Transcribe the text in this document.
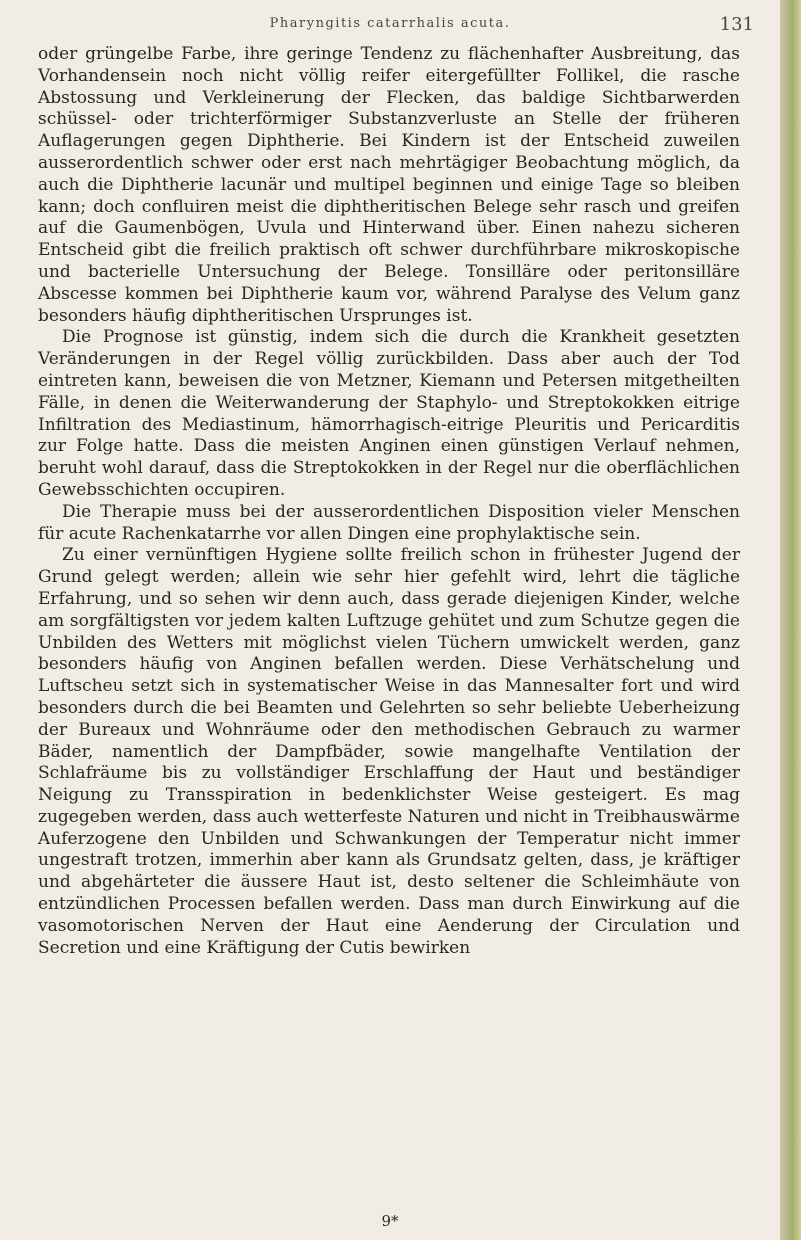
Pharyngitis catarrhalis acuta.	131

oder grüngelbe Farbe, ihre geringe Tendenz zu flächenhafter Ausbreitung, das Vorhandensein noch nicht völlig reifer eitergefüllter Follikel, die rasche Abstossung und Verkleinerung der Flecken, das baldige Sichtbarwerden schüssel- oder trichterförmiger Substanzverluste an Stelle der früheren Auflagerungen gegen Diphtherie. Bei Kindern ist der Entscheid zuweilen ausserordentlich schwer oder erst nach mehrtägiger Beobachtung möglich, da auch die Diphtherie lacunär und multipel beginnen und einige Tage so bleiben kann; doch confluiren meist die diphtheritischen Belege sehr rasch und greifen auf die Gaumenbögen, Uvula und Hinterwand über. Einen nahezu sicheren Entscheid gibt die freilich praktisch oft schwer durchführbare mikroskopische und bacterielle Untersuchung der Belege. Tonsilläre oder peritonsilläre Abscesse kommen bei Diphtherie kaum vor, während Paralyse des Velum ganz besonders häufig diphtheritischen Ursprunges ist.

Die Prognose ist günstig, indem sich die durch die Krankheit gesetzten Veränderungen in der Regel völlig zurückbilden. Dass aber auch der Tod eintreten kann, beweisen die von Metzner, Kiemann und Petersen mitgetheilten Fälle, in denen die Weiterwanderung der Staphylo- und Streptokokken eitrige Infiltration des Mediastinum, hämorrhagisch-eitrige Pleuritis und Pericarditis zur Folge hatte. Dass die meisten Anginen einen günstigen Verlauf nehmen, beruht wohl darauf, dass die Streptokokken in der Regel nur die oberflächlichen Gewebsschichten occupiren.

Die Therapie muss bei der ausserordentlichen Disposition vieler Menschen für acute Rachenkatarrhe vor allen Dingen eine prophylaktische sein.

Zu einer vernünftigen Hygiene sollte freilich schon in frühester Jugend der Grund gelegt werden; allein wie sehr hier gefehlt wird, lehrt die tägliche Erfahrung, und so sehen wir denn auch, dass gerade diejenigen Kinder, welche am sorgfältigsten vor jedem kalten Luftzuge gehütet und zum Schutze gegen die Unbilden des Wetters mit möglichst vielen Tüchern umwickelt werden, ganz besonders häufig von Anginen befallen werden. Diese Verhätschelung und Luftscheu setzt sich in systematischer Weise in das Mannesalter fort und wird besonders durch die bei Beamten und Gelehrten so sehr beliebte Ueberheizung der Bureaux und Wohnräume oder den methodischen Gebrauch zu warmer Bäder, namentlich der Dampfbäder, sowie mangelhafte Ventilation der Schlafräume bis zu vollständiger Erschlaffung der Haut und beständiger Neigung zu Transspiration in bedenklichster Weise gesteigert. Es mag zugegeben werden, dass auch wetterfeste Naturen und nicht in Treibhauswärme Auferzogene den Unbilden und Schwankungen der Temperatur nicht immer ungestraft trotzen, immerhin aber kann als Grundsatz gelten, dass, je kräftiger und abgehärteter die äussere Haut ist, desto seltener die Schleimhäute von entzündlichen Processen befallen werden. Dass man durch Einwirkung auf die vasomotorischen Nerven der Haut eine Aenderung der Circulation und Secretion und eine Kräftigung der Cutis bewirken

9*
